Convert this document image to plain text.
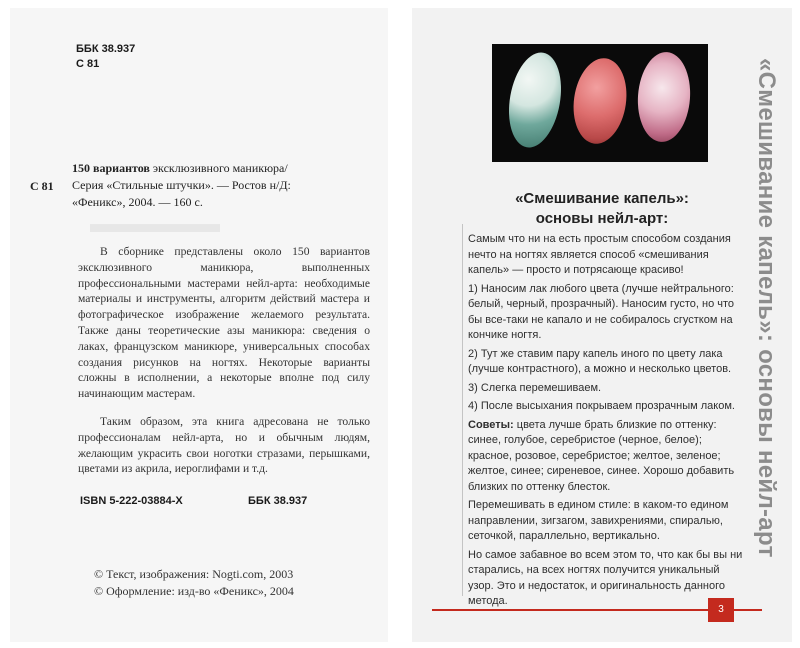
▬▬▬▬▬
ББК 38.937
С 81
С 81
150 вариантов эксклюзивного маникюра/
Серия «Стильные штучки». — Ростов н/Д:
«Феникс», 2004. — 160 с.

В сборнике представлены около 150 вариантов эксклюзивного маникюра, выполненных профессиональными мастерами нейл-арта: необходимые материалы и инструменты, алгоритм действий мастера и фотографическое изображение желаемого результата. Также даны теоретические азы маникюра: сведения о лаках, французском маникюре, универсальных способах создания рисунков на ногтях. Некоторые варианты сложны в исполнении, а некоторые вполне под силу начинающим мастерам.

Таким образом, эта книга адресована не только профессионалам нейл-арта, но и обычным людям, желающим украсить свои ноготки стразами, перышками, цветами из акрила, иероглифами и т.д.

ISBN 5-222-03884-X	ББК 38.937
© Текст, изображения: Nogti.com, 2003
© Оформление: изд-во «Феникс», 2004
«Смешивание капель»:
основы нейл-арт:

Самым что ни на есть простым способом создания нечто на ногтях является способ «смешивания капель» — просто и потрясающе красиво!

1) Наносим лак любого цвета (лучше нейтрального: белый, черный, прозрачный). Наносим густо, но что бы все-таки не капало и не собиралось сгустком на кончике ногтя.

2) Тут же ставим пару капель иного по цвету лака (лучше контрастного), а можно и несколько цветов.

3) Слегка перемешиваем.

4) После высыхания покрываем прозрачным лаком.

Советы: цвета лучше брать близкие по оттенку: синее, голубое, серебристое (черное, белое); красное, розовое, серебристое; желтое, зеленое; желтое, синее; сиреневое, синее. Хорошо добавить близких по оттенку блесток.

Перемешивать в едином стиле: в каком-то едином направлении, зигзагом, завихрениями, спиралью, сеточкой, параллельно, вертикально.

Но самое забавное во всем этом то, что как бы вы ни старались, на всех ногтях получится уникальный узор. Это и недостаток, и оригинальность данного метода.

«Смешивание капель»: основы нейл-арт
3
